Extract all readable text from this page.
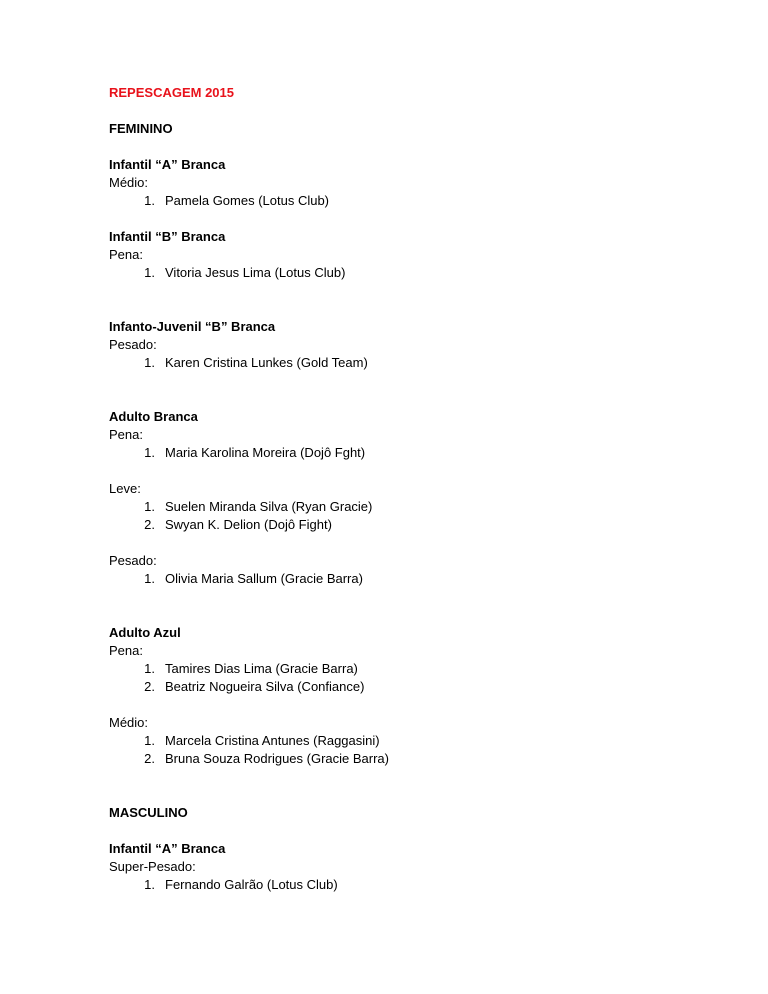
REPESCAGEM 2015
FEMININO
Infantil “A” Branca
Médio:
1. Pamela Gomes (Lotus Club)
Infantil “B” Branca
Pena:
1. Vitoria Jesus Lima (Lotus Club)
Infanto-Juvenil “B” Branca
Pesado:
1. Karen Cristina Lunkes (Gold Team)
Adulto Branca
Pena:
1. Maria Karolina Moreira (Dojô Fght)
Leve:
1. Suelen Miranda Silva (Ryan Gracie)
2. Swyan K. Delion (Dojô Fight)
Pesado:
1. Olivia Maria Sallum (Gracie Barra)
Adulto Azul
Pena:
1. Tamires Dias Lima (Gracie Barra)
2. Beatriz Nogueira Silva (Confiance)
Médio:
1. Marcela Cristina Antunes (Raggasini)
2. Bruna Souza Rodrigues (Gracie Barra)
MASCULINO
Infantil “A” Branca
Super-Pesado:
1. Fernando Galrão (Lotus Club)
